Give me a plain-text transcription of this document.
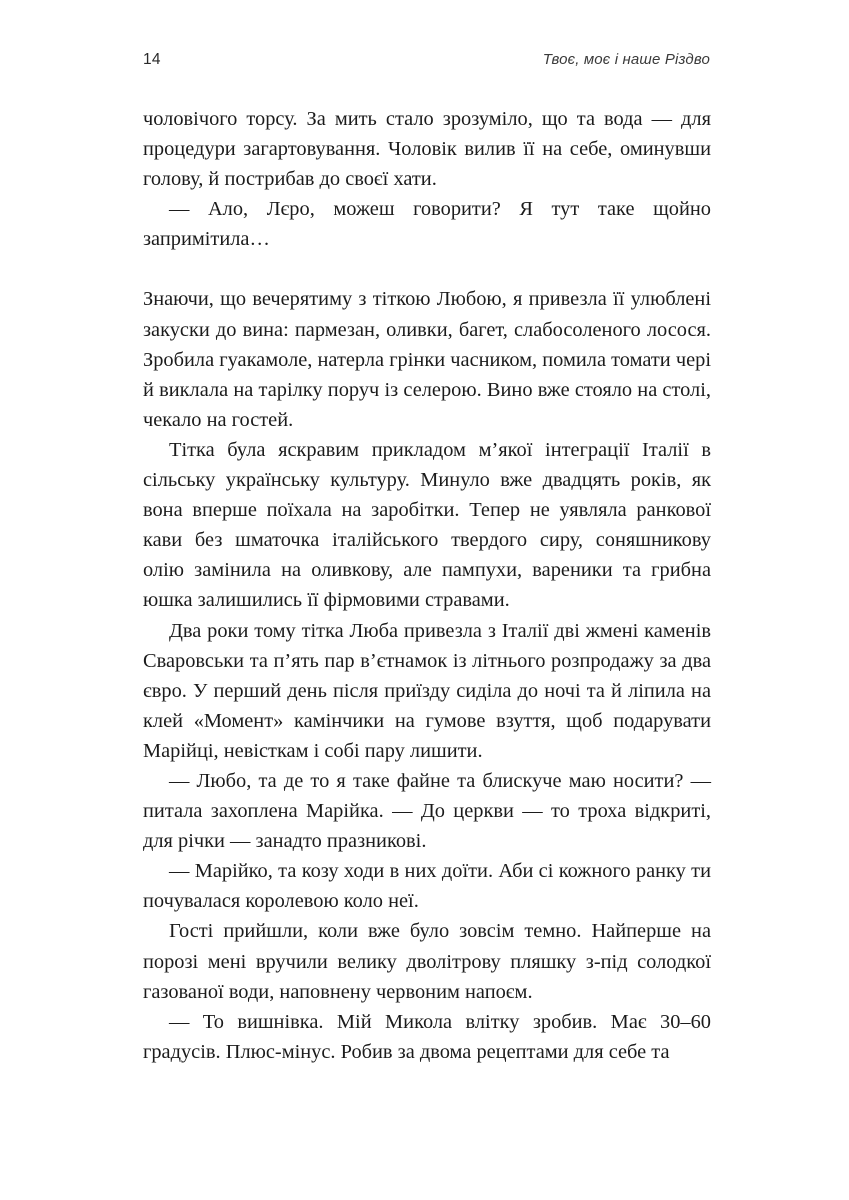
14	Твоє, моє і наше Різдво

чоловічого торсу. За мить стало зрозуміло, що та вода — для процедури загартовування. Чоловік вилив її на себе, оминувши голову, й пострибав до своєї хати.

— Ало, Лєро, можеш говорити? Я тут таке щойно запримітила…

Знаючи, що вечерятиму з тіткою Любою, я привезла її улюблені закуски до вина: пармезан, оливки, багет, слабосоленого лосося. Зробила гуакамоле, натерла грінки часником, помила томати чері й виклала на тарілку поруч із селерою. Вино вже стояло на столі, чекало на гостей.

Тітка була яскравим прикладом м’якої інтеграції Італії в сільську українську культуру. Минуло вже двадцять років, як вона вперше поїхала на заробітки. Тепер не уявляла ранкової кави без шматочка італійського твердого сиру, соняшникову олію замінила на оливкову, але пампухи, вареники та грибна юшка залишились її фірмовими стравами.

Два роки тому тітка Люба привезла з Італії дві жмені каменів Сваровськи та п’ять пар в’єтнамок із літнього розпродажу за два євро. У перший день після приїзду сиділа до ночі та й ліпила на клей «Момент» камінчики на гумове взуття, щоб подарувати Марійці, невісткам і собі пару лишити.

— Любо, та де то я таке файне та блискуче маю носити? — питала захоплена Марійка. — До церкви — то троха відкриті, для річки — занадто празникові.

— Марійко, та козу ходи в них доїти. Аби сі кожного ранку ти почувалася королевою коло неї.

Гості прийшли, коли вже було зовсім темно. Найперше на порозі мені вручили велику дволітрову пляшку з-під солодкої газованої води, наповнену червоним напоєм.

— То вишнівка. Мій Микола влітку зробив. Має 30–60 градусів. Плюс-мінус. Робив за двома рецептами для себе та
